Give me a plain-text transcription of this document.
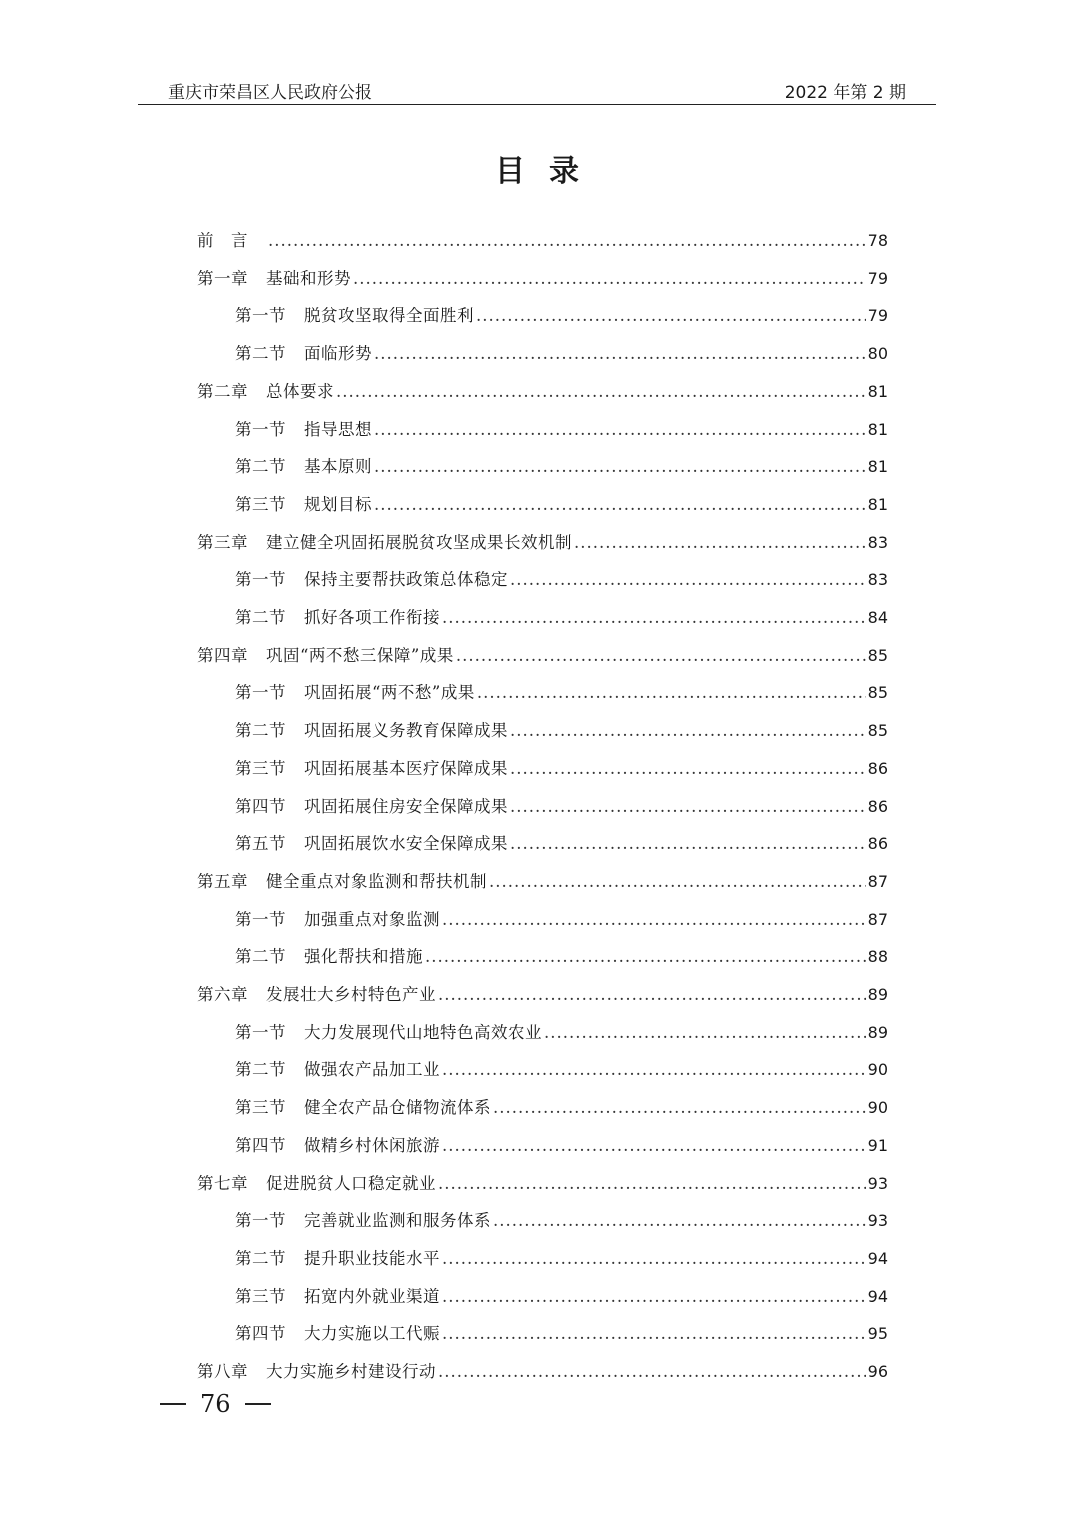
重庆市荣昌区人民政府公报	2022 年第 2 期
目录
前　言 .....	78
第一章 基础和形势 .....	79
第一节 脱贫攻坚取得全面胜利 .....	79
第二节 面临形势 .....	80
第二章 总体要求 .....	81
第一节 指导思想 .....	81
第二节 基本原则 .....	81
第三节 规划目标 .....	81
第三章 建立健全巩固拓展脱贫攻坚成果长效机制 .....	83
第一节 保持主要帮扶政策总体稳定 .....	83
第二节 抓好各项工作衔接 .....	84
第四章 巩固“两不愁三保障”成果 .....	85
第一节 巩固拓展“两不愁”成果 .....	85
第二节 巩固拓展义务教育保障成果 .....	85
第三节 巩固拓展基本医疗保障成果 .....	86
第四节 巩固拓展住房安全保障成果 .....	86
第五节 巩固拓展饮水安全保障成果 .....	86
第五章 健全重点对象监测和帮扶机制 .....	87
第一节 加强重点对象监测 .....	87
第二节 强化帮扶和措施 .....	88
第六章 发展壮大乡村特色产业 .....	89
第一节 大力发展现代山地特色高效农业 .....	89
第二节 做强农产品加工业 .....	90
第三节 健全农产品仓储物流体系 .....	90
第四节 做精乡村休闲旅游 .....	91
第七章 促进脱贫人口稳定就业 .....	93
第一节 完善就业监测和服务体系 .....	93
第二节 提升职业技能水平 .....	94
第三节 拓宽内外就业渠道 .....	94
第四节 大力实施以工代赈 .....	95
第八章 大力实施乡村建设行动 .....	96
76
